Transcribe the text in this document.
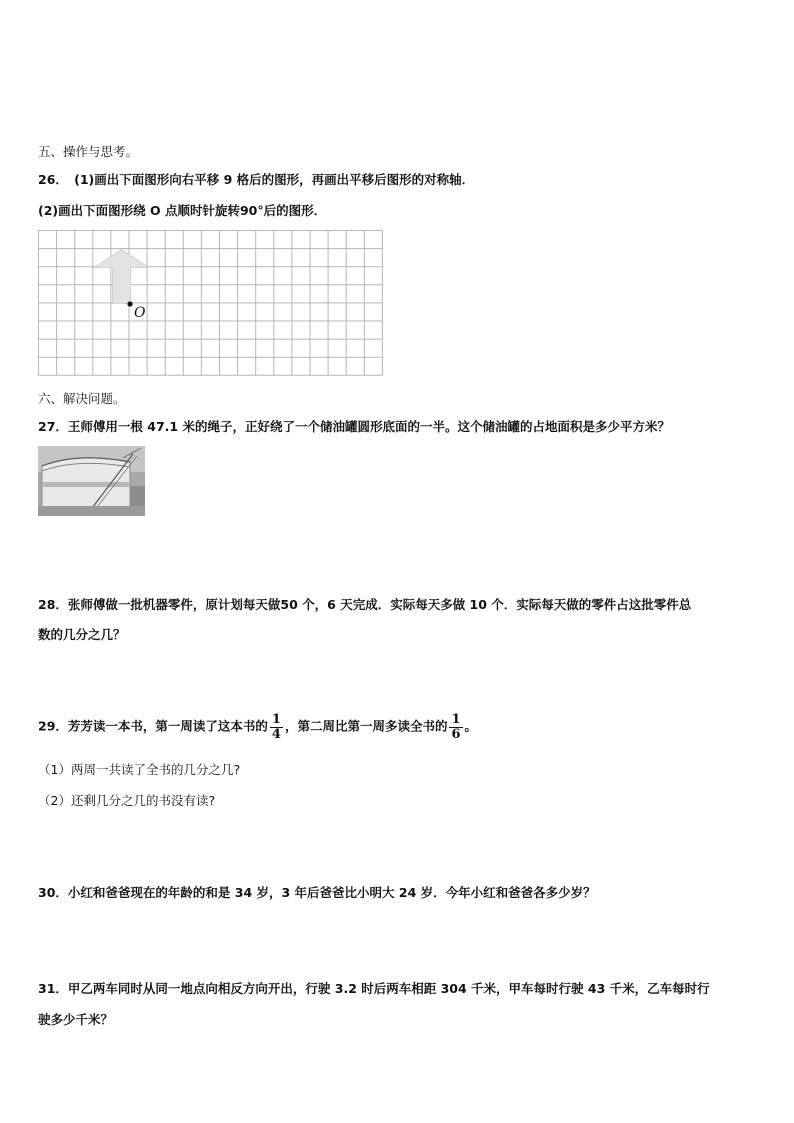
五、操作与思考。
26．　(1)画出下面图形向右平移 9 格后的图形，再画出平移后图形的对称轴．
(2)画出下面图形绕 O 点顺时针旋转90°后的图形．
O
六、解决问题。
27．王师傅用一根 47.1 米的绳子，正好绕了一个储油罐圆形底面的一半。这个储油罐的占地面积是多少平方米？
28．张师傅做一批机器零件，原计划每天做50 个，6 天完成．实际每天多做 10 个．实际每天做的零件占这批零件总
数的几分之几？
29．芳芳读一本书，第一周读了这本书的 $\frac{1}{4}$ ，第二周比第一周多读全书的 $\frac{1}{6}$ 。
（1）两周一共读了全书的几分之几?
（2）还剩几分之几的书没有读?
30．小红和爸爸现在的年龄的和是 34 岁，3 年后爸爸比小明大 24 岁．今年小红和爸爸各多少岁？
31．甲乙两车同时从同一地点向相反方向开出，行驶 3.2 时后两车相距 304 千米，甲车每时行驶 43 千米，乙车每时行
驶多少千米？
